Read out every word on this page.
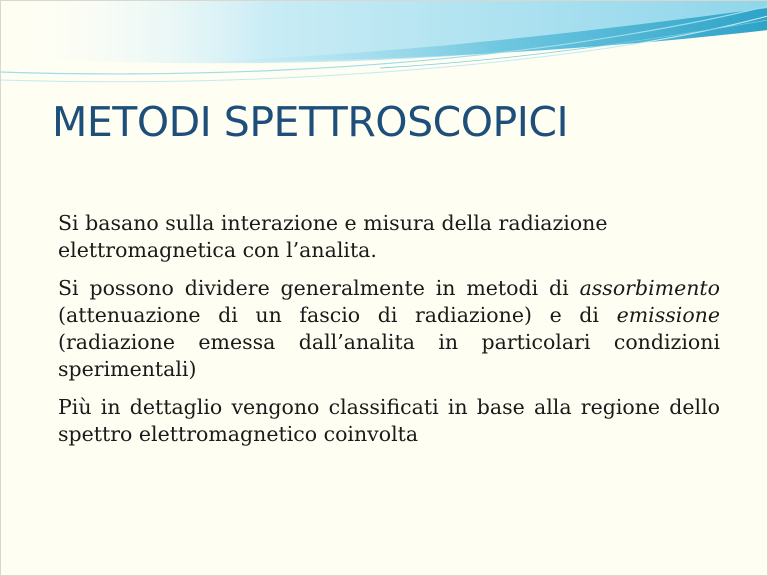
METODI SPETTROSCOPICI

Si basano sulla interazione e misura della radiazione
elettromagnetica con l’analita.

Si possono dividere generalmente in metodi di assorbimento (attenuazione di un fascio di radiazione) e di emissione (radiazione emessa dall’analita in particolari condizioni sperimentali)

Più in dettaglio vengono classificati in base alla regione dello spettro elettromagnetico coinvolta
